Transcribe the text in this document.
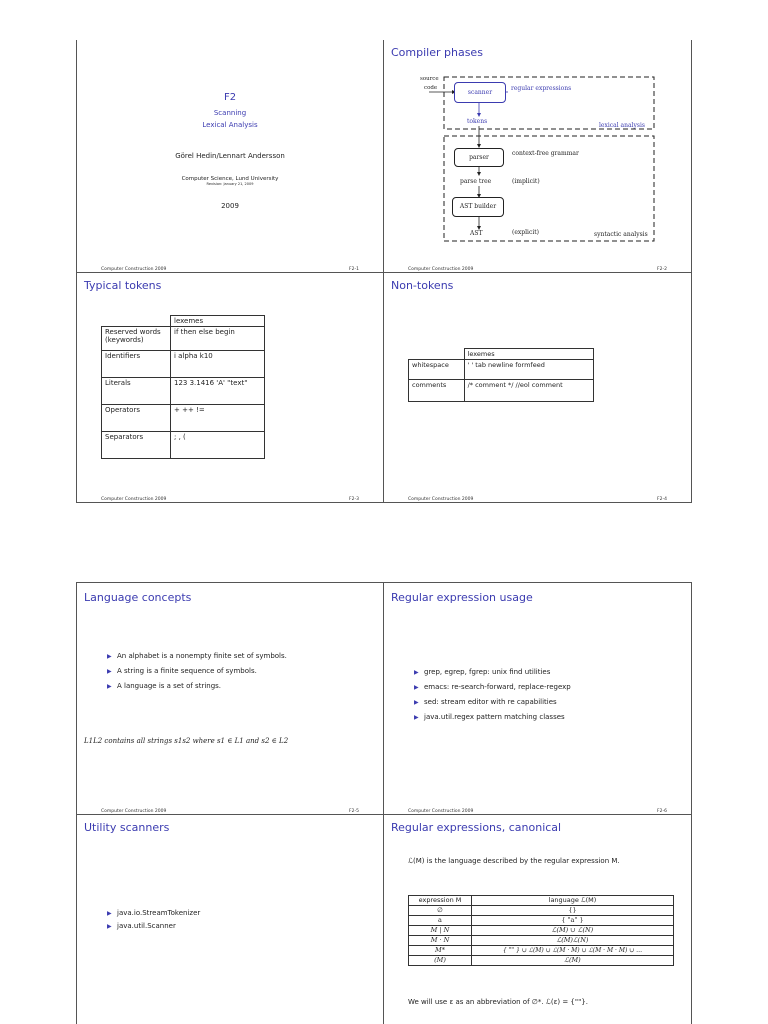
F2
Scanning
Lexical Analysis
Görel Hedin/Lennart Andersson
Computer Science, Lund University
Revision: January 21, 2009
2009
Computer Construction 2009	F2-1
Compiler phases
source
code
scanner
regular expressions
tokens
lexical analysis
parser
context-free grammar
parse tree	(implicit)
AST builder
AST	(explicit)	syntactic analysis
Computer Construction 2009	F2-2
Typical tokens
	lexemes
Reserved words (keywords)	if then else begin
Identifiers	i alpha k10
Literals	123 3.1416 'A' "text"
Operators	+ ++ !=
Separators	; , (
Computer Construction 2009	F2-3
Non-tokens
	lexemes
whitespace	' ' tab newline formfeed
comments	/* comment */ //eol comment
Computer Construction 2009	F2-4
Language concepts
▶ An alphabet is a nonempty finite set of symbols.
▶ A string is a finite sequence of symbols.
▶ A language is a set of strings.
L1L2 contains all strings s1s2 where s1 ∈ L1 and s2 ∈ L2
Computer Construction 2009	F2-5
Regular expression usage
▶ grep, egrep, fgrep: unix find utilities
▶ emacs: re-search-forward, replace-regexp
▶ sed: stream editor with re capabilities
▶ java.util.regex pattern matching classes
Computer Construction 2009	F2-6
Utility scanners
▶ java.io.StreamTokenizer
▶ java.util.Scanner
Regular expressions, canonical
ℒ(M) is the language described by the regular expression M.
expression M	language ℒ(M)
∅	{}
a	{ "a" }
M | N	ℒ(M) ∪ ℒ(N)
M · N	ℒ(M)ℒ(N)
M*	{ "" } ∪ ℒ(M) ∪ ℒ(M · M) ∪ ℒ(M · M · M) ∪ …
(M)	ℒ(M)
We will use ε as an abbreviation of ∅*. ℒ(ε) = {""}.
